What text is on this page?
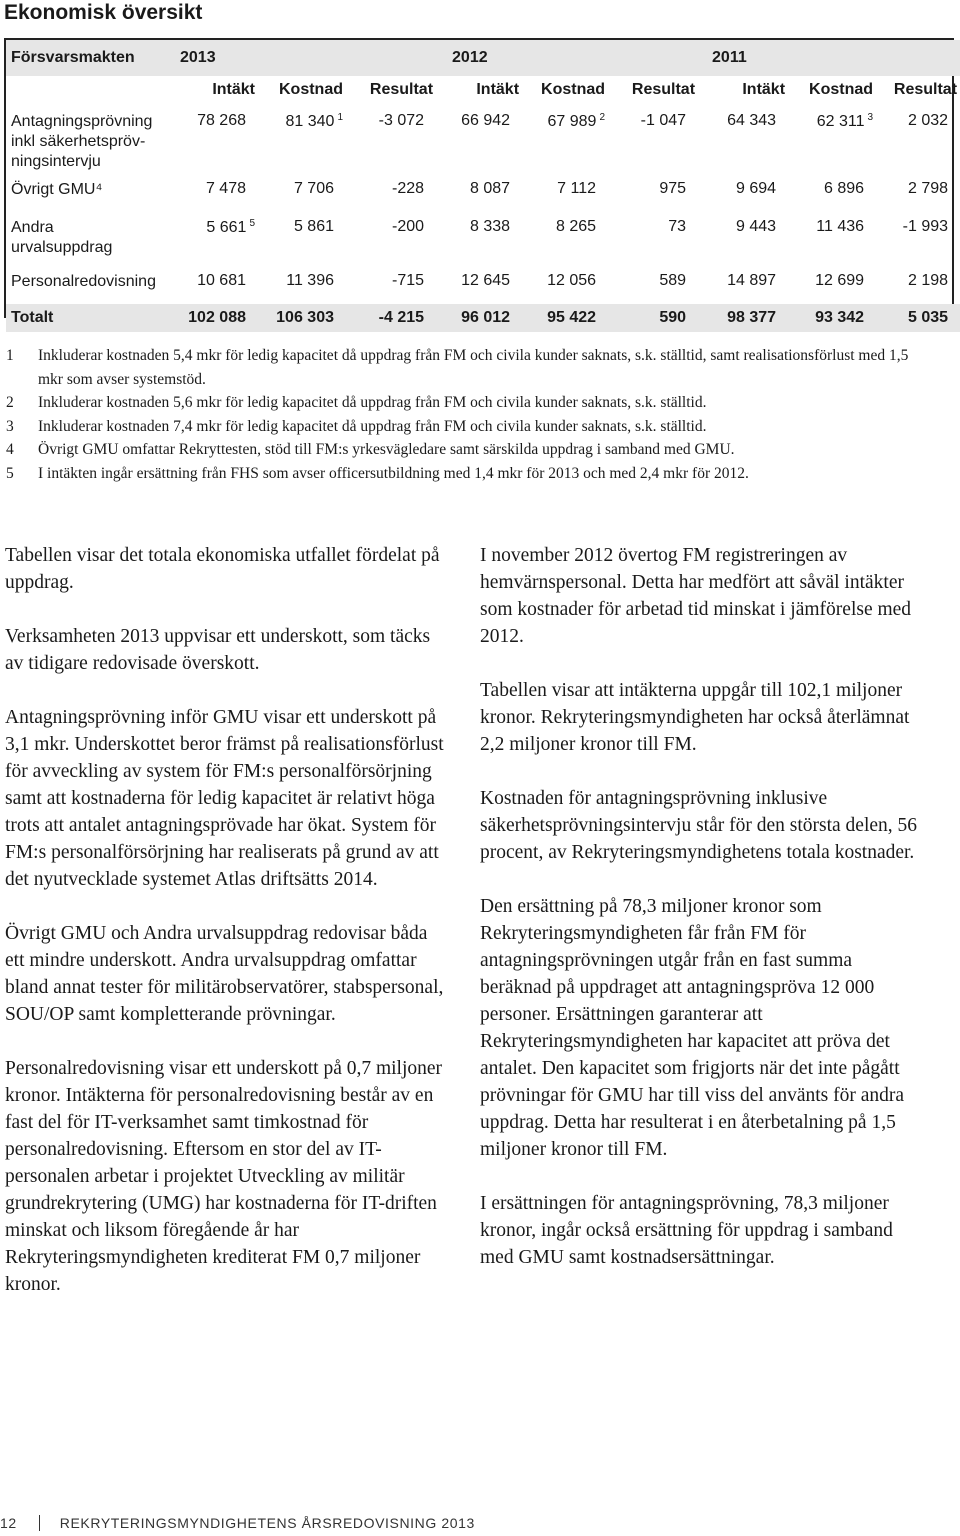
Ekonomisk översikt
Försvarsmakten	2013			2012			2011		
	Intäkt	Kostnad	Resultat	Intäkt	Kostnad	Resultat	Intäkt	Kostnad	Resultat

Antagningsprövning
inkl säkerhetspröv-
ningsintervju	78 268	81 340 $^1$	-3 072	66 942	67 989 $^2$	-1 047	64 343	62 311 $^3$	2 032

Övrigt GMU⁴	7 478	7 706	-228	8 087	7 112	975	9 694	6 896	2 798

Andra
urvalsuppdrag	5 661 $^5$	5 861	-200	8 338	8 265	73	9 443	11 436	-1 993

Personalredovisning	10 681	11 396	-715	12 645	12 056	589	14 897	12 699	2 198
Totalt	102 088	106 303	-4 215	96 012	95 422	590	98 377	93 342	5 035
1	Inkluderar kostnaden 5,4 mkr för ledig kapacitet då uppdrag från FM och civila kunder saknats, s.k. ställtid, samt realisationsförlust med 1,5 mkr som avser systemstöd.
2	Inkluderar kostnaden 5,6 mkr för ledig kapacitet då uppdrag från FM och civila kunder saknats, s.k. ställtid.
3	Inkluderar kostnaden 7,4 mkr för ledig kapacitet då uppdrag från FM och civila kunder saknats, s.k. ställtid.
4	Övrigt GMU omfattar Rekryttesten, stöd till FM:s yrkesvägledare samt särskilda uppdrag i samband med GMU.
5	I intäkten ingår ersättning från FHS som avser officersutbildning med 1,4 mkr för 2013 och med 2,4 mkr för 2012.

Tabellen visar det totala ekonomiska utfallet fördelat på uppdrag.

Verksamheten 2013 uppvisar ett underskott, som täcks av tidigare redovisade överskott.

Antagningsprövning inför GMU visar ett underskott på 3,1 mkr. Underskottet beror främst på realisationsförlust för avveckling av system för FM:s personalförsörjning samt att kostnaderna för ledig kapacitet är relativt höga trots att antalet antagningsprövade har ökat. System för FM:s personalförsörjning har realiserats på grund av att det nyutvecklade systemet Atlas driftsätts 2014.

Övrigt GMU och Andra urvalsuppdrag redovisar båda ett mindre underskott. Andra urvalsuppdrag omfattar bland annat tester för militärobservatörer, stabspersonal, SOU/OP samt kompletterande prövningar.

Personalredovisning visar ett underskott på 0,7 miljoner kronor. Intäkterna för personalredovisning består av en fast del för IT-verksamhet samt timkostnad för personalredovisning. Eftersom en stor del av IT-personalen arbetar i projektet Utveckling av militär grundrekrytering (UMG) har kostnaderna för IT-driften minskat och liksom föregående år har Rekryteringsmyndigheten krediterat FM 0,7 miljoner kronor.

I november 2012 övertog FM registreringen av hemvärnspersonal. Detta har medfört att såväl intäkter som kostnader för arbetad tid minskat i jämförelse med 2012.

Tabellen visar att intäkterna uppgår till 102,1 miljoner kronor. Rekryteringsmyndigheten har också återlämnat 2,2 miljoner kronor till FM.

Kostnaden för antagningsprövning inklusive säkerhetsprövningsintervju står för den största delen, 56 procent, av Rekryteringsmyndighetens totala kostnader.

Den ersättning på 78,3 miljoner kronor som Rekryteringsmyndigheten får från FM för antagningsprövningen utgår från en fast summa beräknad på uppdraget att antagningspröva 12 000 personer. Ersättningen garanterar att Rekryteringsmyndigheten har kapacitet att pröva det antalet. Den kapacitet som frigjorts när det inte pågått prövningar för GMU har till viss del använts för andra uppdrag. Detta har resulterat i en återbetalning på 1,5 miljoner kronor till FM.

I ersättningen för antagningsprövning, 78,3 miljoner kronor, ingår också ersättning för uppdrag i samband med GMU samt kostnadsersättningar.

12	REKRYTERINGSMYNDIGHETENS ÅRSREDOVISNING 2013
